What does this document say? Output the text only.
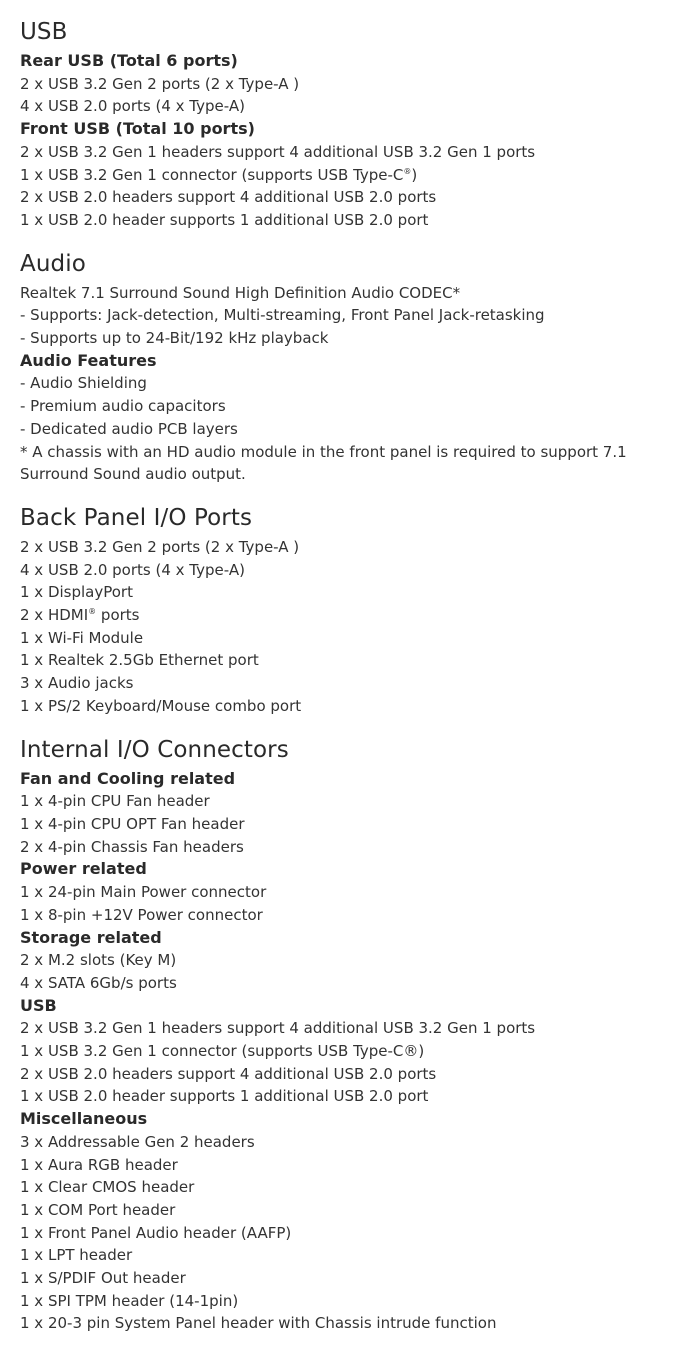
USB
Rear USB (Total 6 ports)
2 x USB 3.2 Gen 2 ports (2 x Type-A )
4 x USB 2.0 ports (4 x Type-A)
Front USB (Total 10 ports)
2 x USB 3.2 Gen 1 headers support 4 additional USB 3.2 Gen 1 ports
1 x USB 3.2 Gen 1 connector (supports USB Type-C®)
2 x USB 2.0 headers support 4 additional USB 2.0 ports
1 x USB 2.0 header supports 1 additional USB 2.0 port
Audio
Realtek 7.1 Surround Sound High Definition Audio CODEC*
- Supports: Jack-detection, Multi-streaming, Front Panel Jack-retasking
- Supports up to 24-Bit/192 kHz playback
Audio Features
- Audio Shielding
- Premium audio capacitors
- Dedicated audio PCB layers
* A chassis with an HD audio module in the front panel is required to support 7.1 Surround Sound audio output.
Back Panel I/O Ports
2 x USB 3.2 Gen 2 ports (2 x Type-A )
4 x USB 2.0 ports (4 x Type-A)
1 x DisplayPort
2 x HDMI® ports
1 x Wi-Fi Module
1 x Realtek 2.5Gb Ethernet port
3 x Audio jacks
1 x PS/2 Keyboard/Mouse combo port
Internal I/O Connectors
Fan and Cooling related
1 x 4-pin CPU Fan header
1 x 4-pin CPU OPT Fan header
2 x 4-pin Chassis Fan headers
Power related
1 x 24-pin Main Power connector
1 x 8-pin +12V Power connector
Storage related
2 x M.2 slots (Key M)
4 x SATA 6Gb/s ports
USB
2 x USB 3.2 Gen 1 headers support 4 additional USB 3.2 Gen 1 ports
1 x USB 3.2 Gen 1 connector (supports USB Type-C®)
2 x USB 2.0 headers support 4 additional USB 2.0 ports
1 x USB 2.0 header supports 1 additional USB 2.0 port
Miscellaneous
3 x Addressable Gen 2 headers
1 x Aura RGB header
1 x Clear CMOS header
1 x COM Port header
1 x Front Panel Audio header (AAFP)
1 x LPT header
1 x S/PDIF Out header
1 x SPI TPM header (14-1pin)
1 x 20-3 pin System Panel header with Chassis intrude function
